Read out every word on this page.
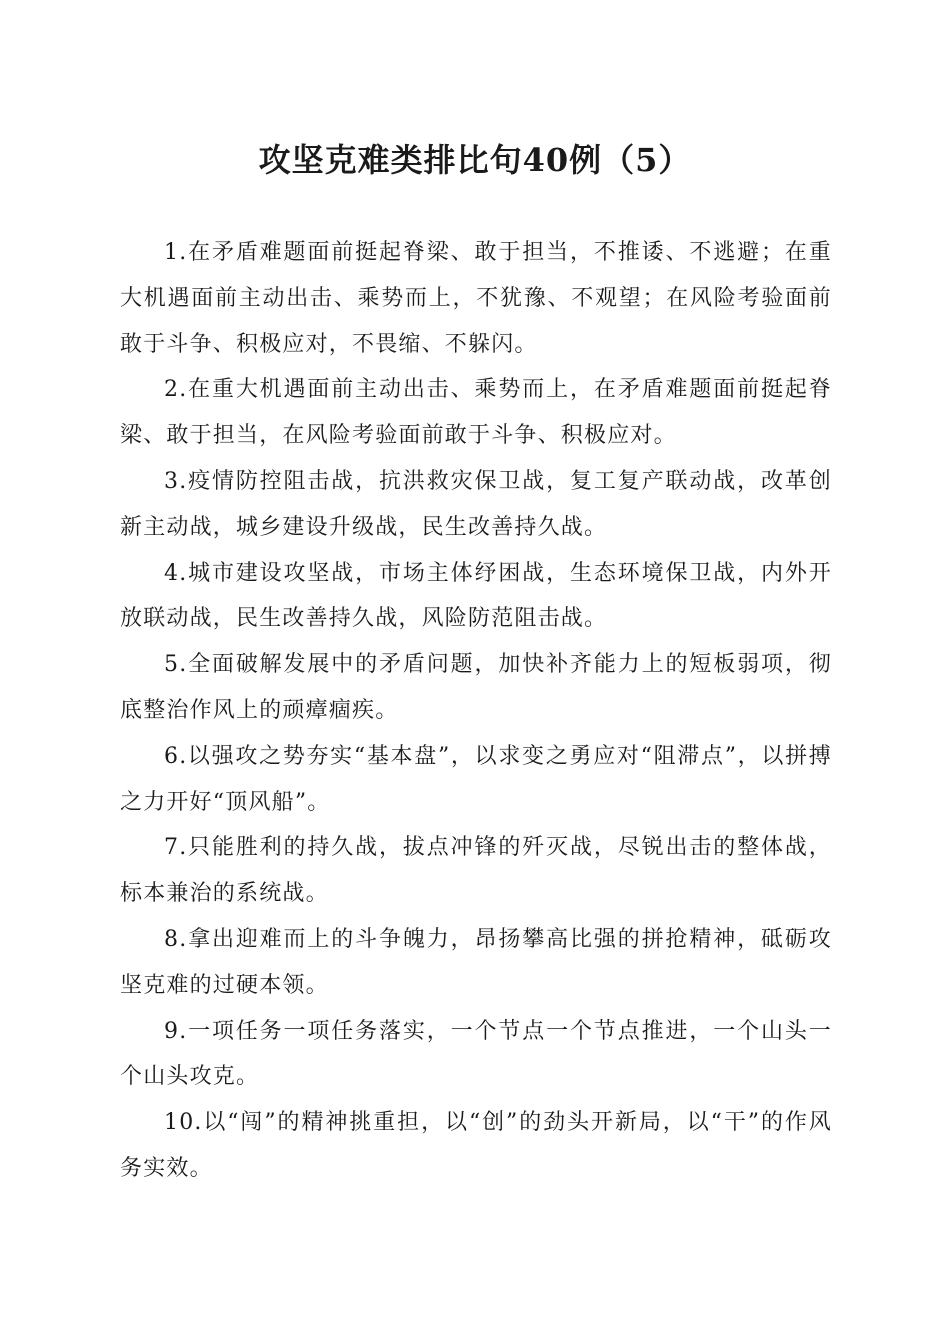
攻坚克难类排比句40例（5）

1.在矛盾难题面前挺起脊梁、敢于担当，不推诿、不逃避；在重大机遇面前主动出击、乘势而上，不犹豫、不观望；在风险考验面前敢于斗争、积极应对，不畏缩、不躲闪。

2.在重大机遇面前主动出击、乘势而上，在矛盾难题面前挺起脊梁、敢于担当，在风险考验面前敢于斗争、积极应对。

3.疫情防控阻击战，抗洪救灾保卫战，复工复产联动战，改革创新主动战，城乡建设升级战，民生改善持久战。

4.城市建设攻坚战，市场主体纾困战，生态环境保卫战，内外开放联动战，民生改善持久战，风险防范阻击战。

5.全面破解发展中的矛盾问题，加快补齐能力上的短板弱项，彻底整治作风上的顽瘴痼疾。

6.以强攻之势夯实“基本盘”，以求变之勇应对“阻滞点”，以拼搏之力开好“顶风船”。

7.只能胜利的持久战，拔点冲锋的歼灭战，尽锐出击的整体战，标本兼治的系统战。

8.拿出迎难而上的斗争魄力，昂扬攀高比强的拼抢精神，砥砺攻坚克难的过硬本领。

9.一项任务一项任务落实，一个节点一个节点推进，一个山头一个山头攻克。

10.以“闯”的精神挑重担，以“创”的劲头开新局，以“干”的作风务实效。
